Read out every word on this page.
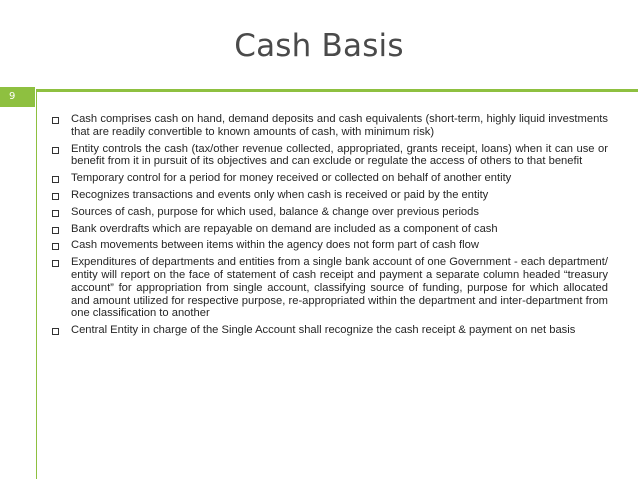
Cash Basis
9
Cash comprises cash on hand, demand deposits and cash equivalents (short-term, highly liquid investments that are readily convertible to known amounts of cash, with minimum risk)
Entity controls the cash (tax/other revenue collected, appropriated, grants receipt, loans) when it can use or benefit from it in pursuit of its objectives and can exclude or regulate the access of others to that benefit
Temporary control for a period for money received or collected on behalf of another entity
Recognizes transactions and events only when cash is received or paid by the entity
Sources of cash, purpose for which used, balance & change over previous periods
Bank overdrafts which are repayable on demand are included as a component of cash
Cash movements between items within the agency does not form part of cash flow
Expenditures of departments and entities from a single bank account of one Government - each department/ entity will report on the face of statement of cash receipt and payment a separate column headed “treasury account” for appropriation from single account, classifying source of funding, purpose for which allocated and amount utilized for respective purpose, re-appropriated within the department and inter-department from one classification to another
Central Entity in charge of the Single Account shall recognize the cash receipt & payment on net basis
